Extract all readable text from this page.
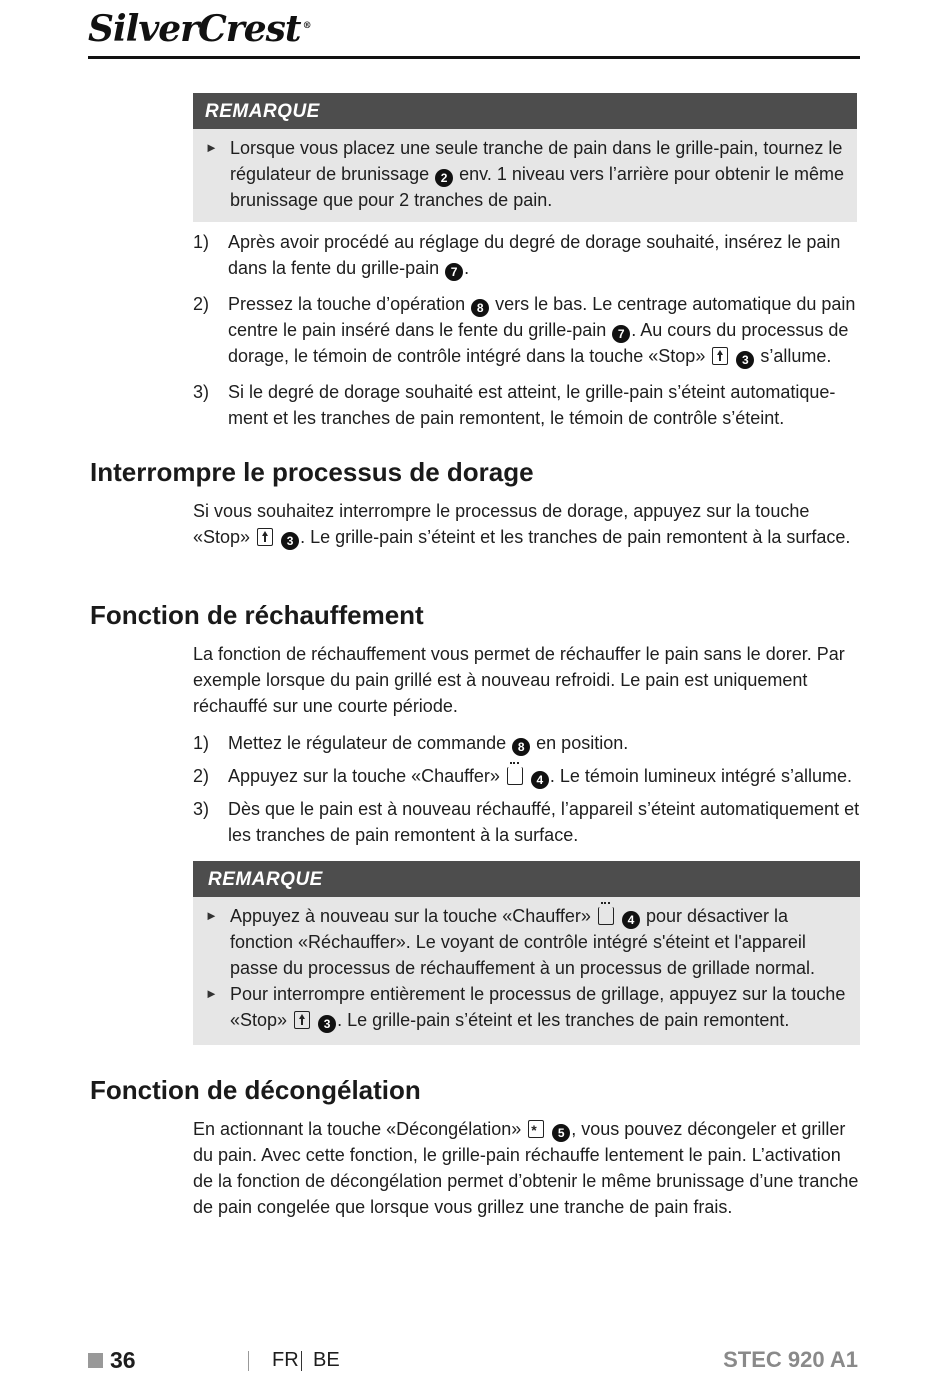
SilverCrest ®
REMARQUE
► Lorsque vous placez une seule tranche de pain dans le grille-pain, tournez le régulateur de brunissage 2 env. 1 niveau vers l’arrière pour obtenir le même brunissage que pour 2 tranches de pain.
1) Après avoir procédé au réglage du degré de dorage souhaité, insérez le pain dans la fente du grille-pain 7 .
2) Pressez la touche d’opération 8 vers le bas. Le centrage automatique du pain centre le pain inséré dans le fente du grille-pain 7 . Au cours du processus de dorage, le témoin de contrôle intégré dans la touche «Stop»	3 s’allume.
3) Si le degré de dorage souhaité est atteint, le grille-pain s’éteint automatique-ment et les tranches de pain remontent, le témoin de contrôle s’éteint.
Interrompre le processus de dorage

Si vous souhaitez interrompre le processus de dorage, appuyez sur la touche «Stop»	3 . Le grille-pain s’éteint et les tranches de pain remontent à la surface.

Fonction de réchauffement

La fonction de réchauffement vous permet de réchauffer le pain sans le dorer. Par exemple lorsque du pain grillé est à nouveau refroidi. Le pain est uniquement réchauffé sur une courte période.

1) Mettez le régulateur de commande 8 en position.
2) Appuyez sur la touche «Chauffer»	4 . Le témoin lumineux intégré s’allume.
3) Dès que le pain est à nouveau réchauffé, l’appareil s’éteint automatiquement et les tranches de pain remontent à la surface.
REMARQUE
► Appuyez à nouveau sur la touche «Chauffer»	4 pour désactiver la fonction «Réchauffer». Le voyant de contrôle intégré s'éteint et l'appareil passe du processus de réchauffement à un processus de grillade normal.
► Pour interrompre entièrement le processus de grillage, appuyez sur la touche «Stop»	3 . Le grille-pain s’éteint et les tranches de pain remontent.
Fonction de décongélation

En actionnant la touche «Décongélation» *	5 , vous pouvez décongeler et griller du pain. Avec cette fonction, le grille-pain réchauffe lentement le pain. L’activation de la fonction de décongélation permet d’obtenir le même brunissage d’une tranche de pain congelée que lorsque vous grillez une tranche de pain frais.

36	FR BE	STEC 920 A1
